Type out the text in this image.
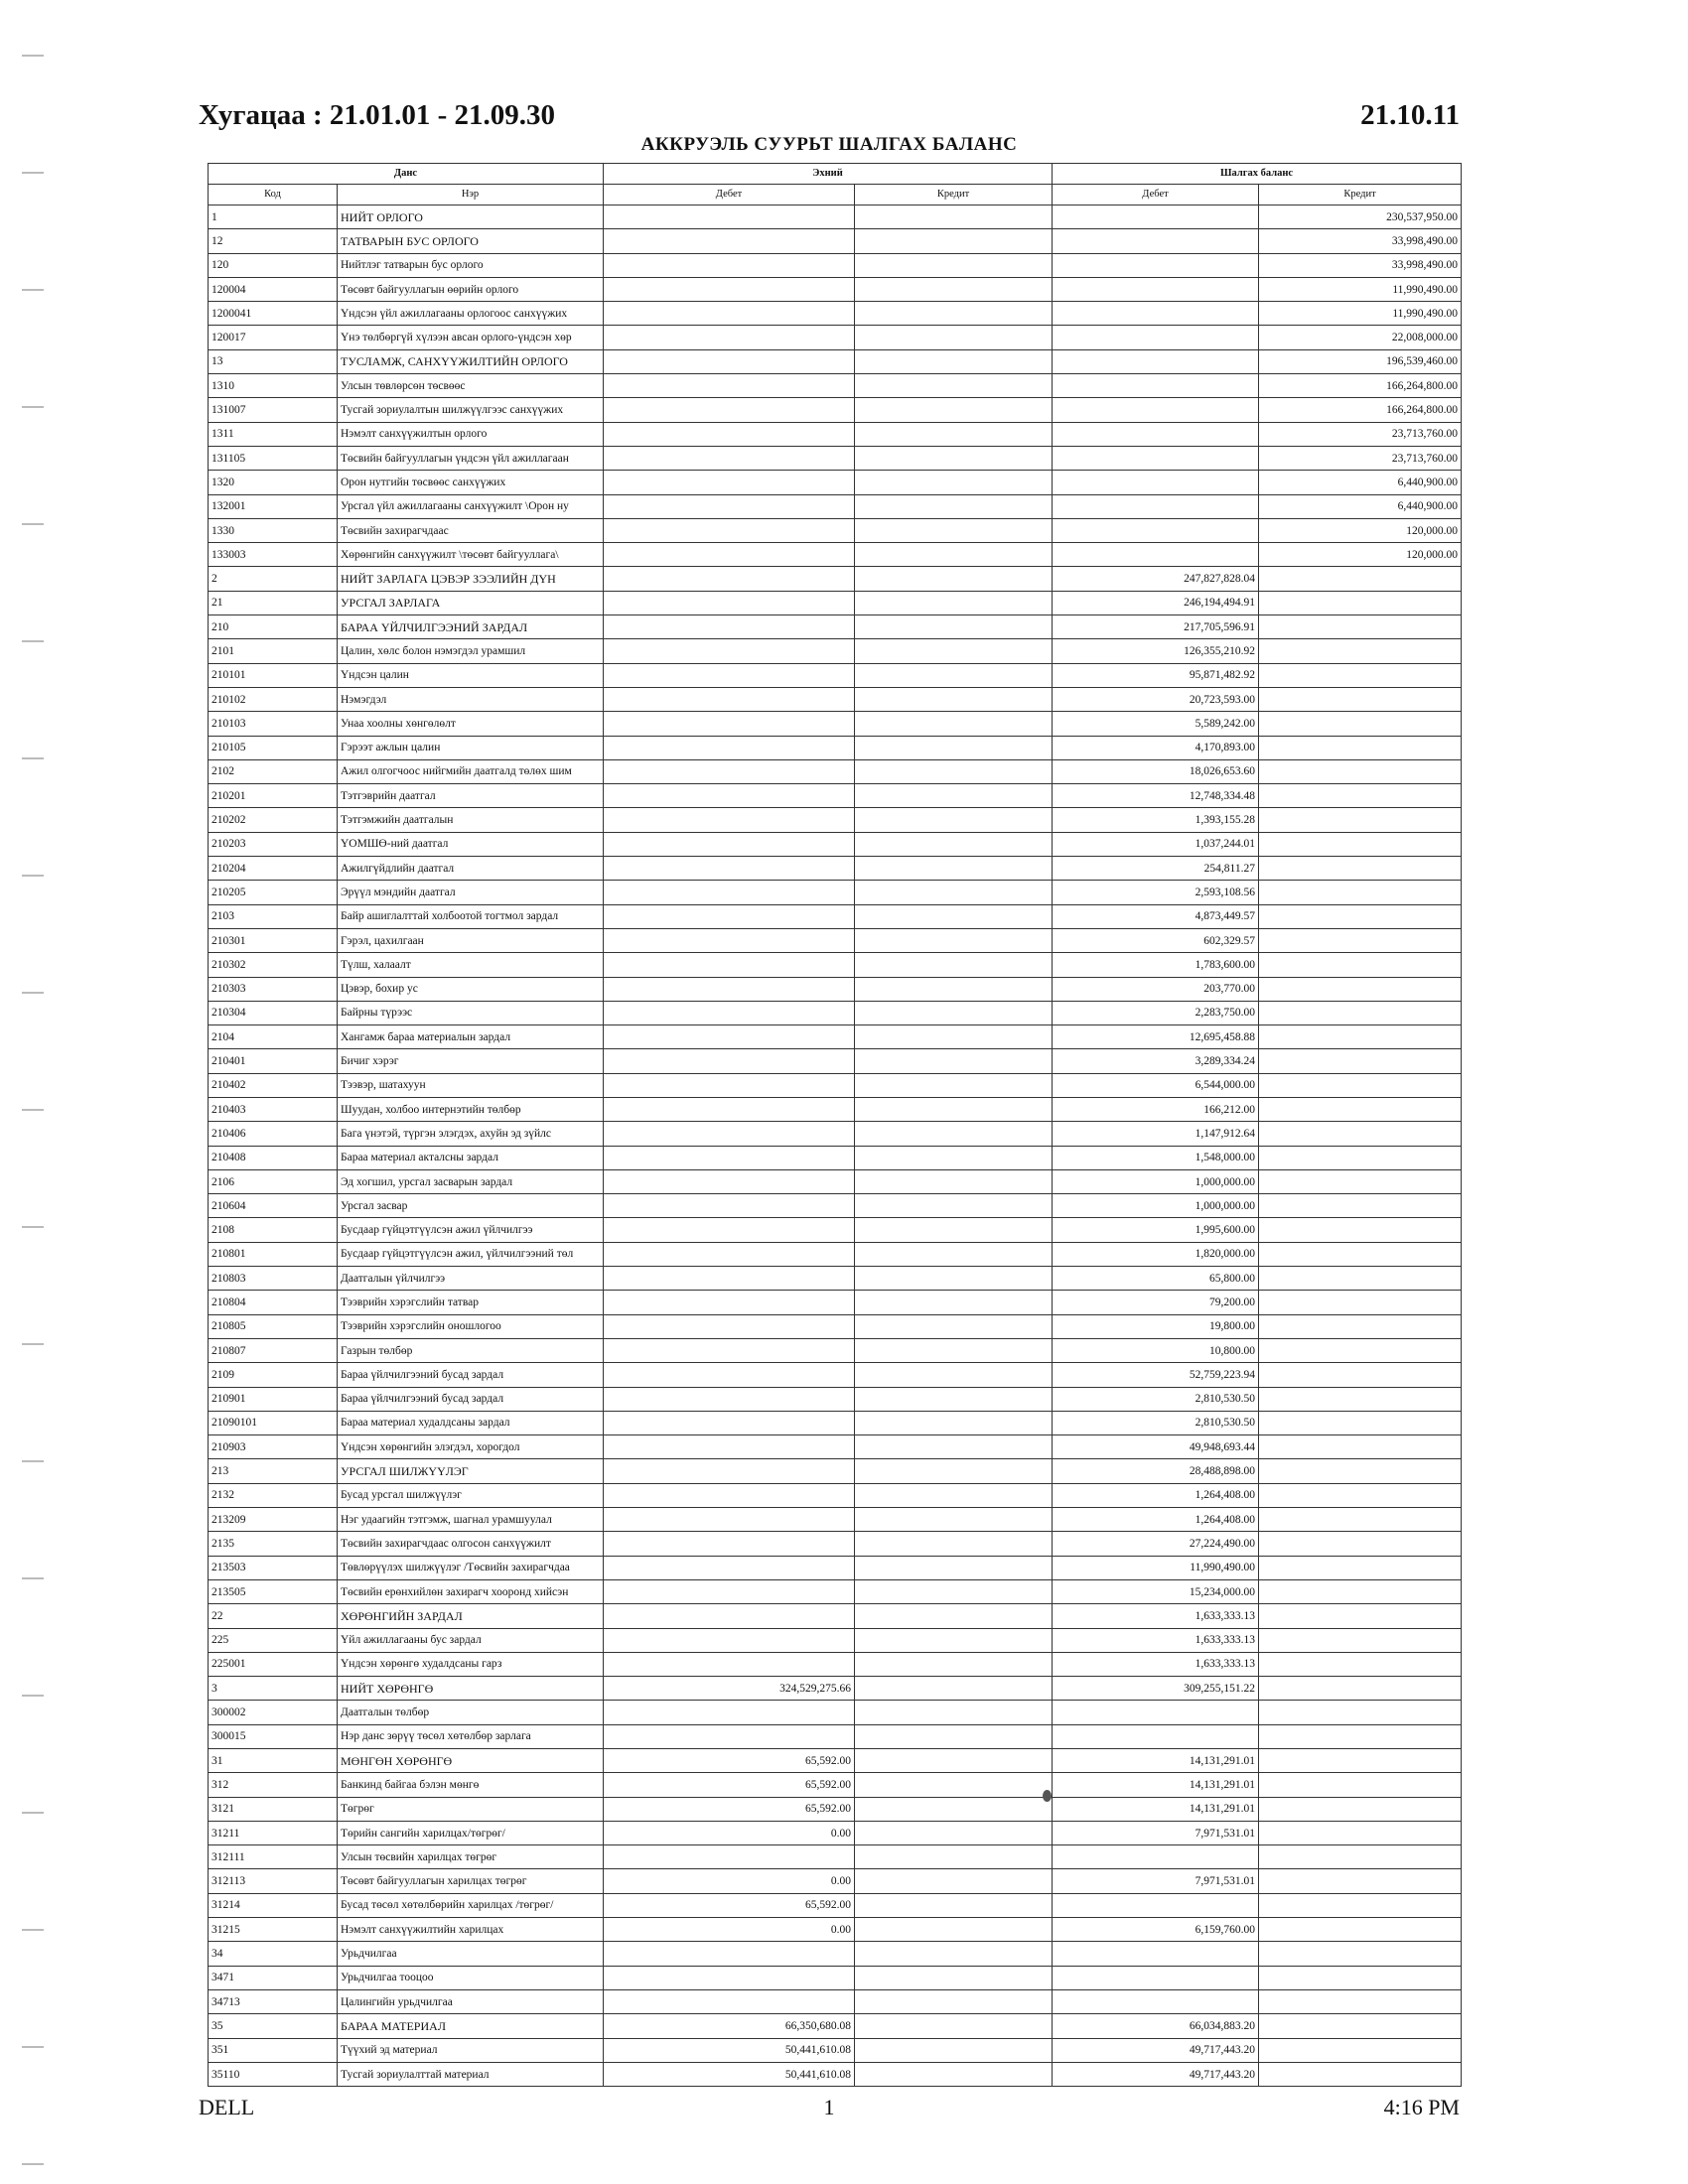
Хугацаа : 21.01.01 - 21.09.30	21.10.11
АККРУЭЛЬ СУУРЬТ ШАЛГАХ БАЛАНС
Данс		Эхний		Шалгах баланс	
Код	Нэр	Дебет	Кредит	Дебет	Кредит
1	НИЙТ ОРЛОГО				230,537,950.00
12	ТАТВАРЫН БУС ОРЛОГО				33,998,490.00
120	Нийтлэг татварын бус орлого				33,998,490.00
120004	Төсөвт байгууллагын өөрийн орлого				11,990,490.00
1200041	Үндсэн үйл ажиллагааны орлогоос санхүүжих				11,990,490.00
120017	Үнэ төлбөргүй хүлээн авсан орлого-үндсэн хөр				22,008,000.00
13	ТУСЛАМЖ, САНХҮҮЖИЛТИЙН ОРЛОГО				196,539,460.00
1310	Улсын төвлөрсөн төсвөөс				166,264,800.00
131007	Тусгай зориулалтын шилжүүлгээс санхүүжих				166,264,800.00
1311	Нэмэлт санхүүжилтын орлого				23,713,760.00
131105	Төсвийн байгууллагын үндсэн үйл ажиллагаан				23,713,760.00
1320	Орон нутгийн төсвөөс санхүүжих				6,440,900.00
132001	Урсгал үйл ажиллагааны санхүүжилт \Орон ну				6,440,900.00
1330	Төсвийн захирагчдаас				120,000.00
133003	Хөрөнгийн санхүүжилт \төсөвт байгууллага\				120,000.00
2	НИЙТ ЗАРЛАГА ЦЭВЭР ЗЭЭЛИЙН ДҮН			247,827,828.04	
21	УРСГАЛ ЗАРЛАГА			246,194,494.91	
210	БАРАА ҮЙЛЧИЛГЭЭНИЙ ЗАРДАЛ			217,705,596.91	
2101	Цалин, хөлс болон нэмэгдэл урамшил			126,355,210.92	
210101	Үндсэн цалин			95,871,482.92	
210102	Нэмэгдэл			20,723,593.00	
210103	Унаа хоолны хөнгөлөлт			5,589,242.00	
210105	Гэрээт ажлын цалин			4,170,893.00	
2102	Ажил олгогчоос нийгмийн даатгалд төлөх шим			18,026,653.60	
210201	Тэтгэврийн даатгал			12,748,334.48	
210202	Тэтгэмжийн даатгалын			1,393,155.28	
210203	ҮОМШӨ-ний даатгал			1,037,244.01	
210204	Ажилгүйдлийн даатгал			254,811.27	
210205	Эрүүл мэндийн даатгал			2,593,108.56	
2103	Байр ашиглалттай холбоотой тогтмол зардал			4,873,449.57	
210301	Гэрэл, цахилгаан			602,329.57	
210302	Түлш, халаалт			1,783,600.00	
210303	Цэвэр, бохир ус			203,770.00	
210304	Байрны түрээс			2,283,750.00	
2104	Хангамж бараа материалын зардал			12,695,458.88	
210401	Бичиг хэрэг			3,289,334.24	
210402	Тээвэр, шатахуун			6,544,000.00	
210403	Шуудан, холбоо интернэтийн төлбөр			166,212.00	
210406	Бага үнэтэй, түргэн элэгдэх, ахуйн эд зүйлс			1,147,912.64	
210408	Бараа материал акталсны зардал			1,548,000.00	
2106	Эд хогшил, урсгал засварын зардал			1,000,000.00	
210604	Урсгал засвар			1,000,000.00	
2108	Бусдаар гүйцэтгүүлсэн ажил үйлчилгээ			1,995,600.00	
210801	Бусдаар гүйцэтгүүлсэн ажил, үйлчилгээний төл			1,820,000.00	
210803	Даатгалын үйлчилгээ			65,800.00	
210804	Тээврийн хэрэгслийн татвар			79,200.00	
210805	Тээврийн хэрэгслийн оношлогоо			19,800.00	
210807	Газрын төлбөр			10,800.00	
2109	Бараа үйлчилгээний бусад зардал			52,759,223.94	
210901	Бараа үйлчилгээний бусад зардал			2,810,530.50	
21090101	Бараа материал худалдсаны зардал			2,810,530.50	
210903	Үндсэн хөрөнгийн элэгдэл, хорогдол			49,948,693.44	
213	УРСГАЛ ШИЛЖҮҮЛЭГ			28,488,898.00	
2132	Бусад урсгал шилжүүлэг			1,264,408.00	
213209	Нэг удаагийн тэтгэмж, шагнал урамшуулал			1,264,408.00	
2135	Төсвийн захирагчдаас олгосон санхүүжилт			27,224,490.00	
213503	Төвлөрүүлэх шилжүүлэг /Төсвийн захирагчдаа			11,990,490.00	
213505	Төсвийн ерөнхийлөн захирагч хооронд хийсэн			15,234,000.00	
22	ХӨРӨНГИЙН ЗАРДАЛ			1,633,333.13	
225	Үйл ажиллагааны бус зардал			1,633,333.13	
225001	Үндсэн хөрөнгө худалдсаны гарз			1,633,333.13	
3	НИЙТ ХӨРӨНГӨ	324,529,275.66		309,255,151.22	
300002	Даатгалын төлбөр				
300015	Нэр данс зөрүү төсөл хөтөлбөр зарлага				
31	МӨНГӨН ХӨРӨНГӨ	65,592.00		14,131,291.01	
312	Банкинд байгаа бэлэн мөнгө	65,592.00		14,131,291.01	
3121	Төгрөг	65,592.00		14,131,291.01	
31211	Төрийн сангийн харилцах/төгрөг/	0.00		7,971,531.01	
312111	Улсын төсвийн харилцах төгрөг				
312113	Төсөвт байгууллагын харилцах төгрөг	0.00		7,971,531.01	
31214	Бусад төсөл хөтөлбөрийн харилцах /төгрөг/	65,592.00			
31215	Нэмэлт санхүүжилтийн харилцах	0.00		6,159,760.00	
34	Урьдчилгаа				
3471	Урьдчилгаа тооцоо				
34713	Цалингийн урьдчилгаа				
35	БАРАА МАТЕРИАЛ	66,350,680.08		66,034,883.20	
351	Түүхий эд материал	50,441,610.08		49,717,443.20	
35110	Тусгай зориулалттай материал	50,441,610.08		49,717,443.20	
DELL	1	4:16 PM
